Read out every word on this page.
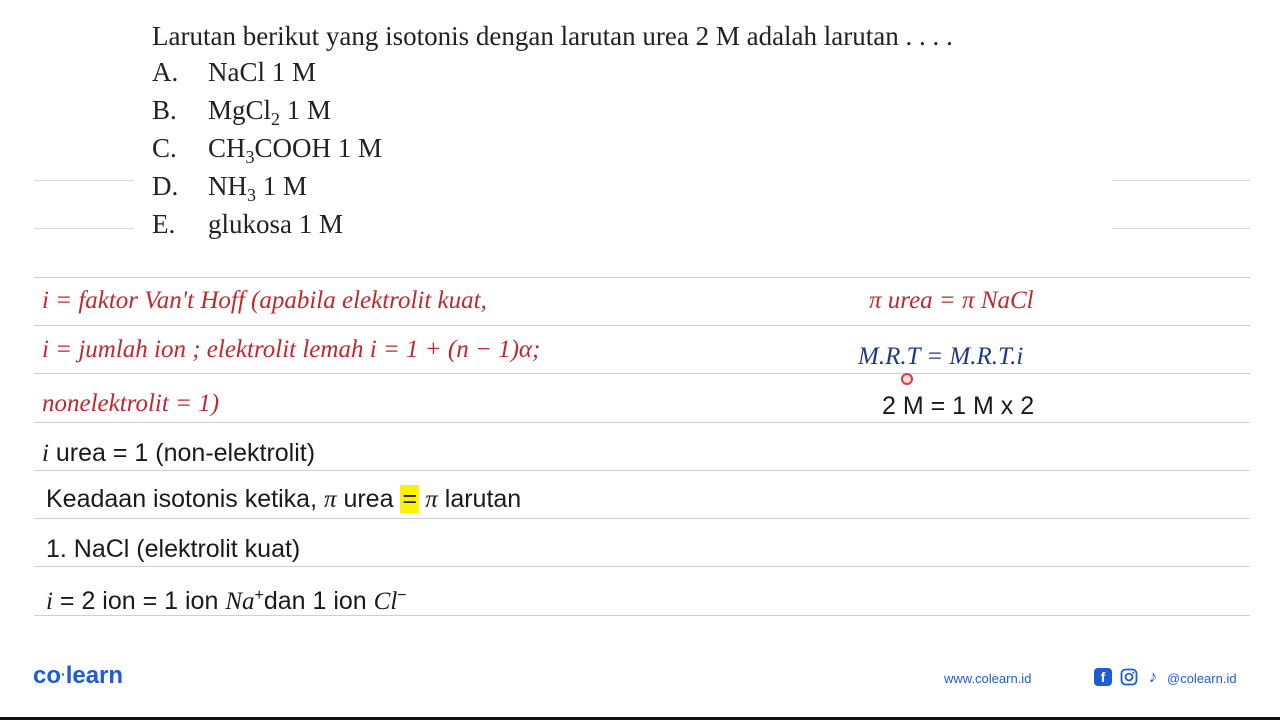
Larutan berikut yang isotonis dengan larutan urea 2 M adalah larutan . . . .
A. NaCl 1 M
B. MgCl$_2$ 1 M
C. $CH_3COOH$ 1 M
D. $NH_3$ 1 M
E. glukosa 1 M
i = faktor Van't Hoff (apabila elektrolit kuat,	π urea = π NaCl
i = jumlah ion ; elektrolit lemah i = 1 + (n − 1)α;	M.R.T = M.R.T.i
nonelektrolit = 1)	2 M = 1 M x 2
i urea = 1 (non-elektrolit)
Keadaan isotonis ketika, π urea = π larutan
1. NaCl (elektrolit kuat)
i = 2 ion = 1 ion Na+dan 1 ion Cl−
co·learn	www.colearn.id	f	♪ @colearn.id
